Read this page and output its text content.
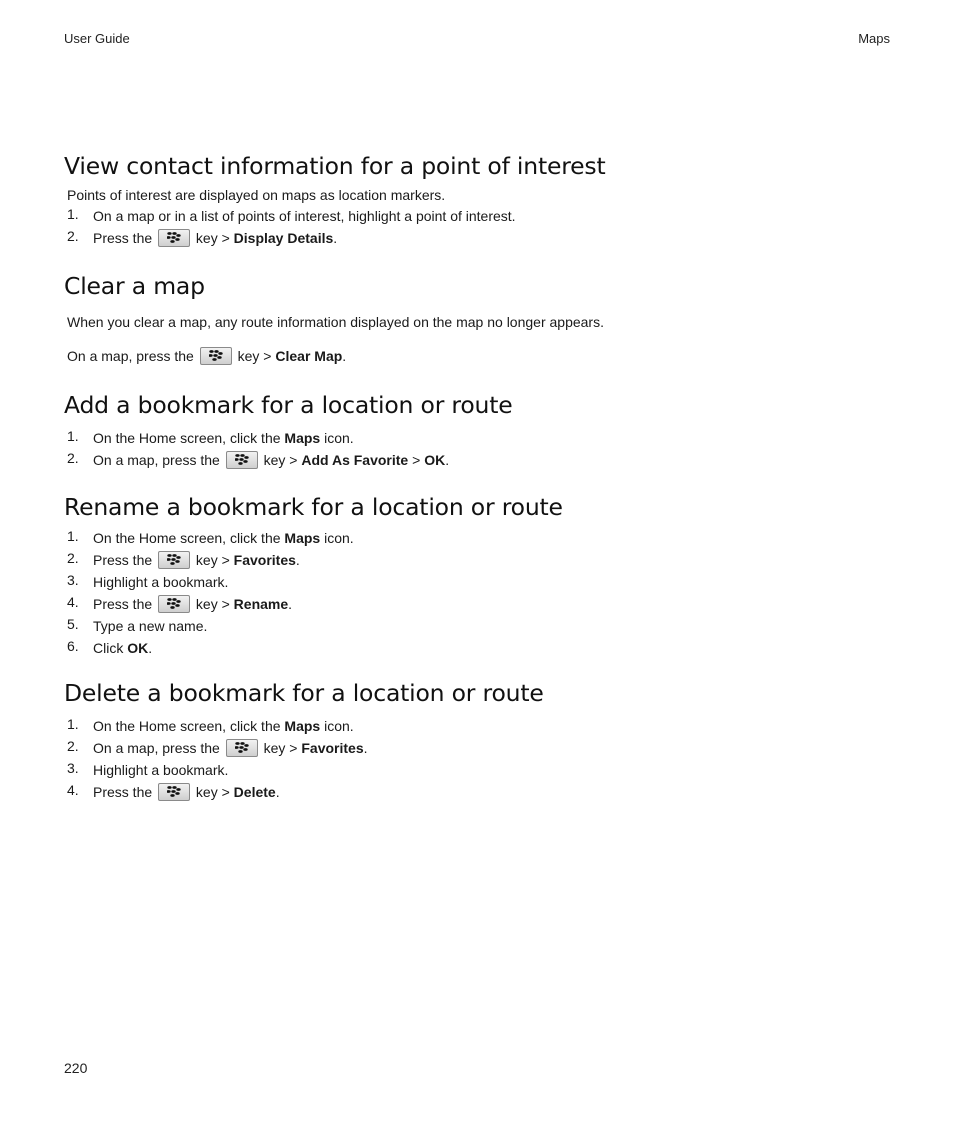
User Guide	Maps
View contact information for a point of interest
Points of interest are displayed on maps as location markers.
1. On a map or in a list of points of interest, highlight a point of interest.
2. Press the	key > Display Details.
Clear a map
When you clear a map, any route information displayed on the map no longer appears.
On a map, press the	key > Clear Map.
Add a bookmark for a location or route
1. On the Home screen, click the Maps icon.
2. On a map, press the	key > Add As Favorite > OK.
Rename a bookmark for a location or route
1. On the Home screen, click the Maps icon.
2. Press the	key > Favorites.
3. Highlight a bookmark.
4. Press the	key > Rename.
5. Type a new name.
6. Click OK.
Delete a bookmark for a location or route
1. On the Home screen, click the Maps icon.
2. On a map, press the	key > Favorites.
3. Highlight a bookmark.
4. Press the	key > Delete.
220
